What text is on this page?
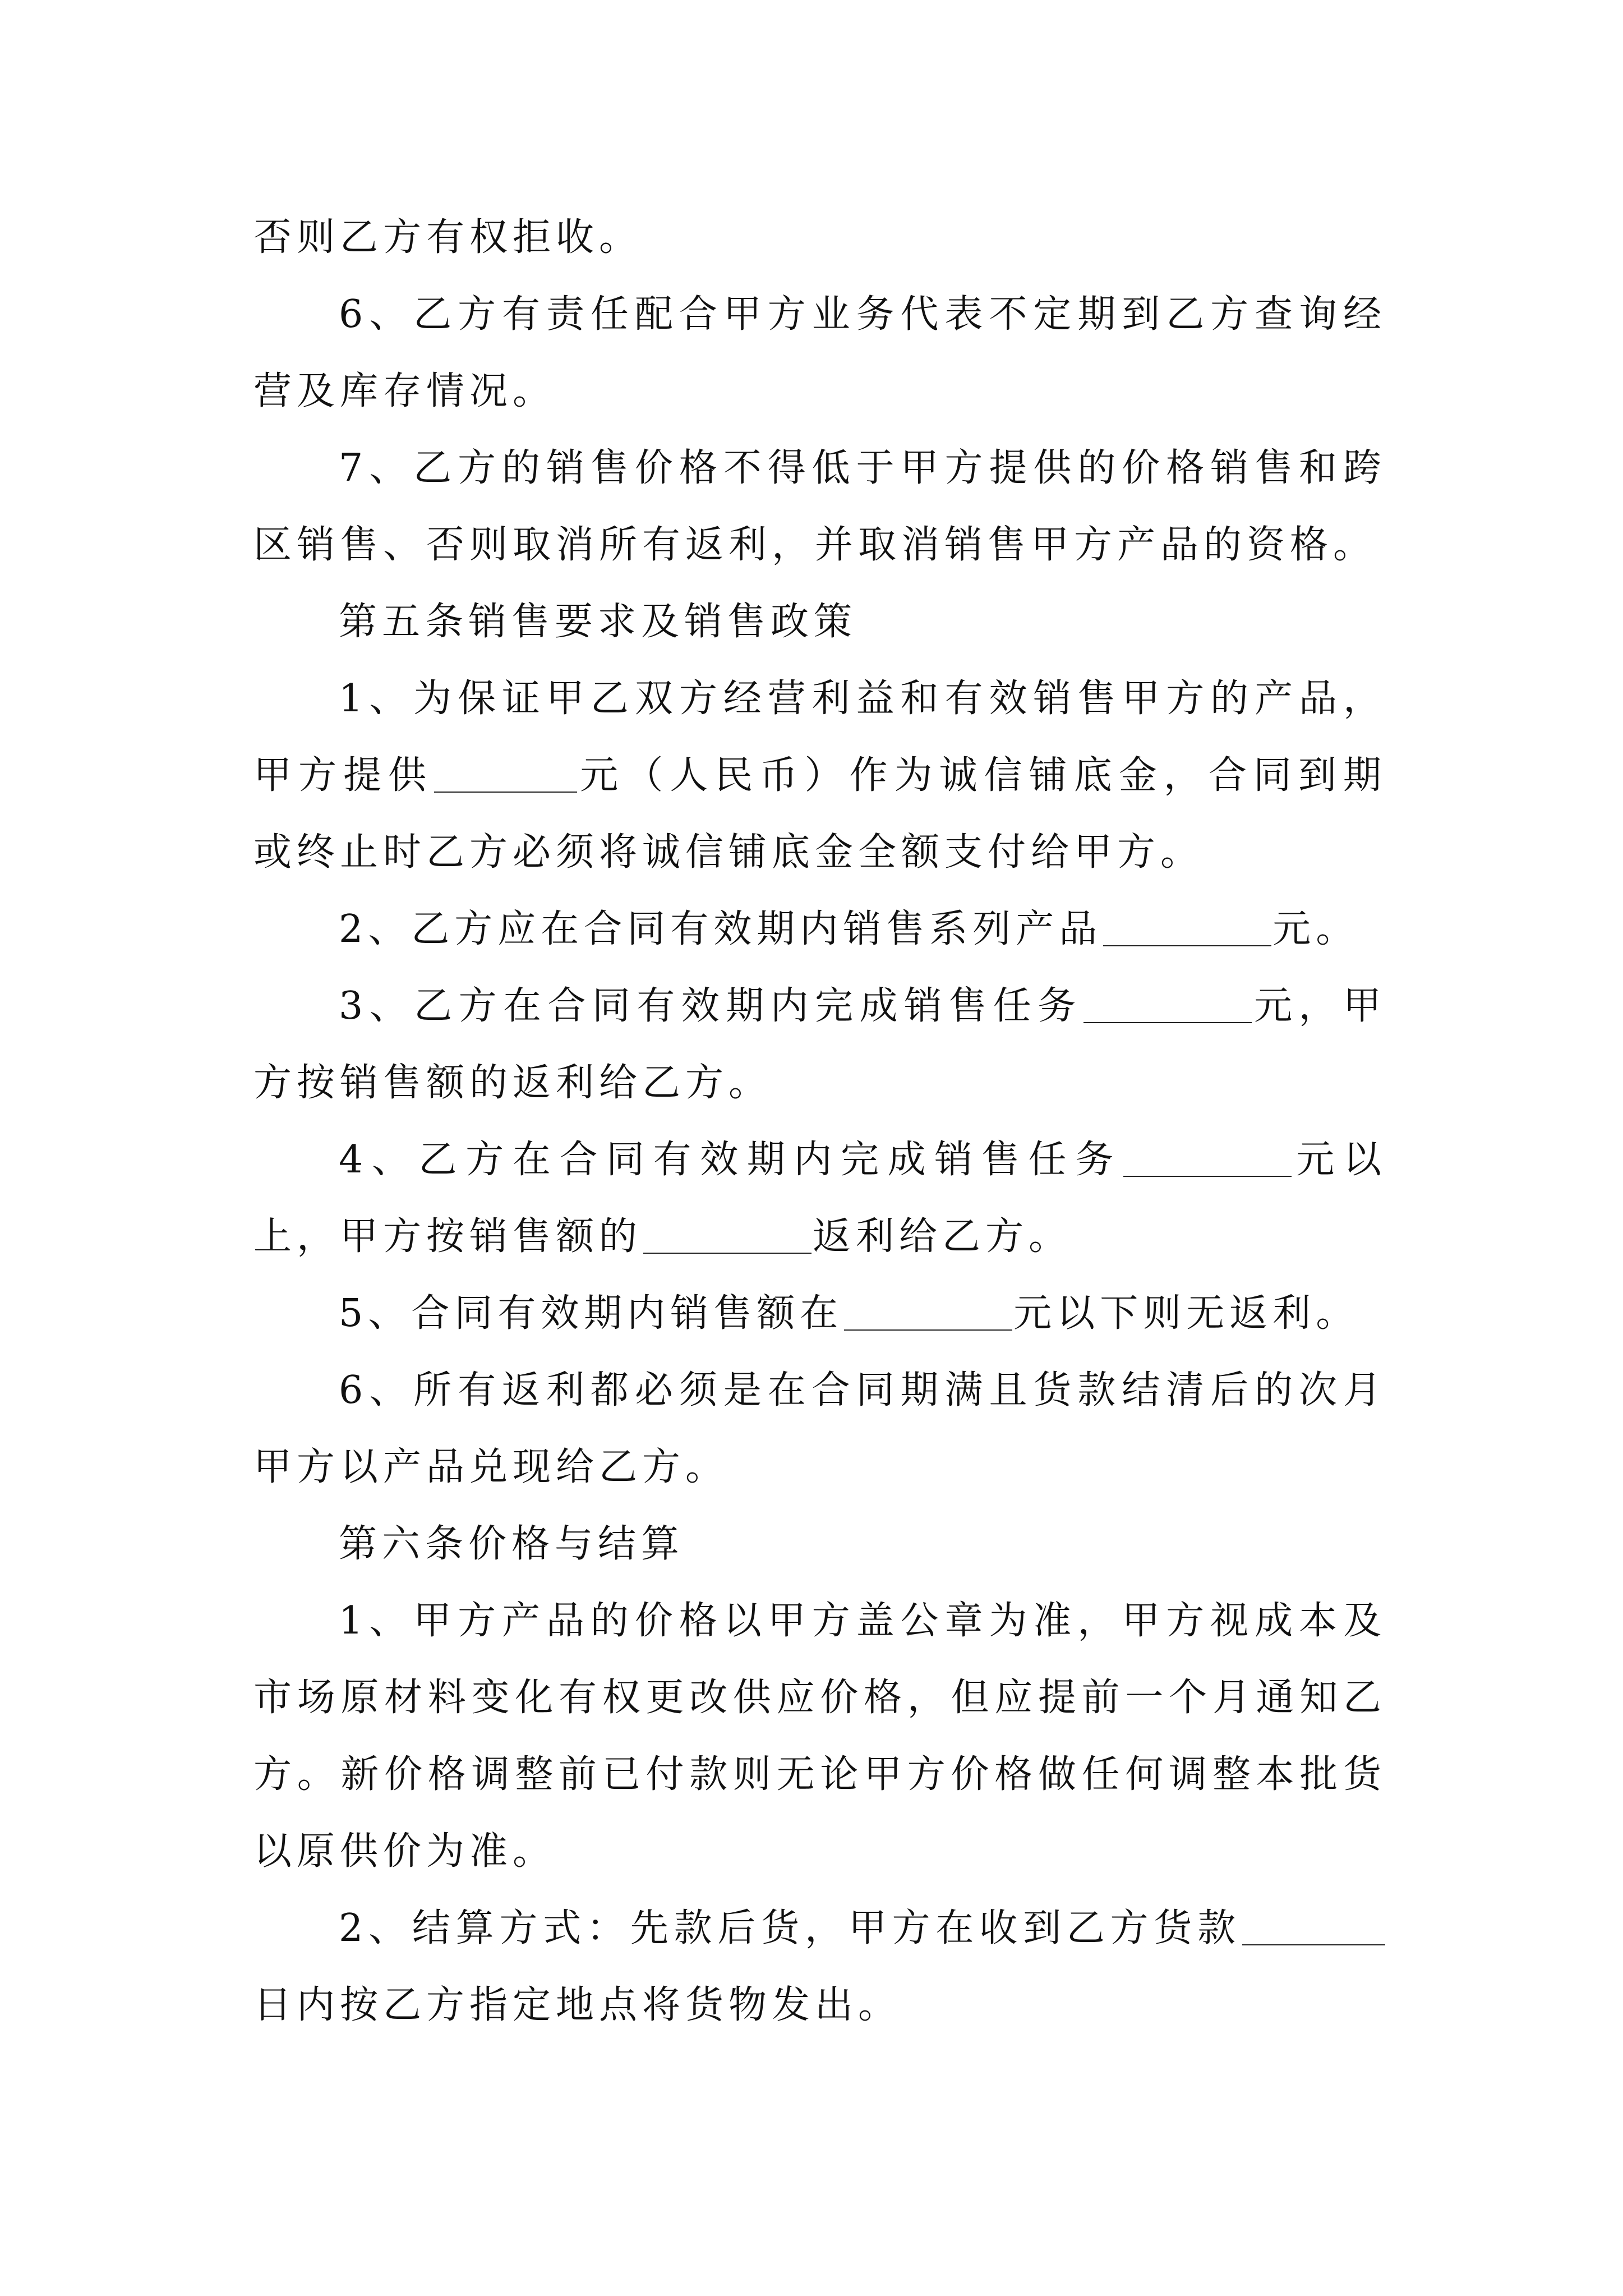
否则乙方有权拒收。

6、乙方有责任配合甲方业务代表不定期到乙方查询经营及库存情况。

7、乙方的销售价格不得低于甲方提供的价格销售和跨区销售、否则取消所有返利，并取消销售甲方产品的资格。

第五条销售要求及销售政策

1、为保证甲乙双方经营利益和有效销售甲方的产品，甲方提供	元（人民币）作为诚信铺底金，合同到期或终止时乙方必须将诚信铺底金全额支付给甲方。

2、乙方应在合同有效期内销售系列产品	元。

3、乙方在合同有效期内完成销售任务	元，甲方按销售额的返利给乙方。

4、乙方在合同有效期内完成销售任务	元以上，甲方按销售额的	返利给乙方。

5、合同有效期内销售额在	元以下则无返利。

6、所有返利都必须是在合同期满且货款结清后的次月甲方以产品兑现给乙方。

第六条价格与结算

1、甲方产品的价格以甲方盖公章为准，甲方视成本及市场原材料变化有权更改供应价格，但应提前一个月通知乙方。新价格调整前已付款则无论甲方价格做任何调整本批货以原供价为准。

2、结算方式：先款后货，甲方在收到乙方货款日内按乙方指定地点将货物发出。
